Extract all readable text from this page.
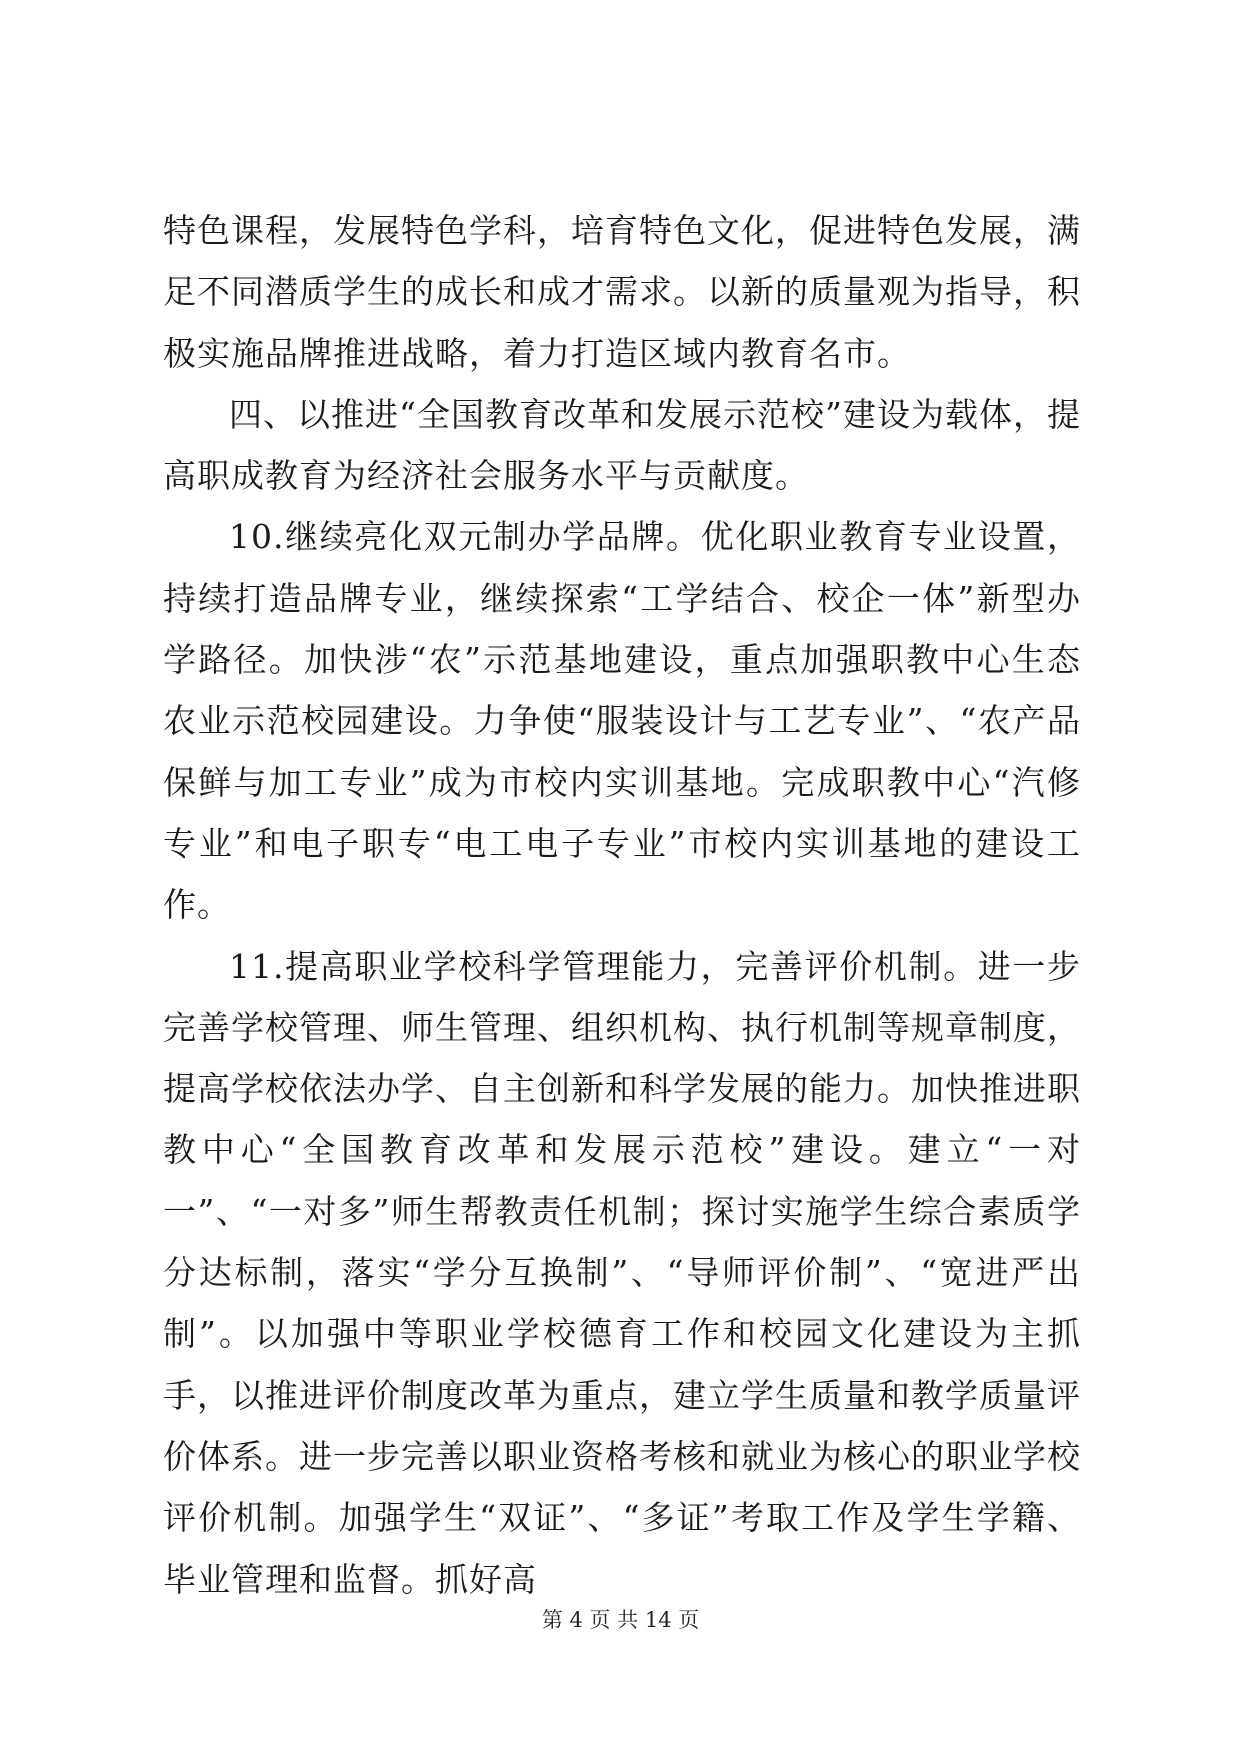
特色课程，发展特色学科，培育特色文化，促进特色发展，满足不同潜质学生的成长和成才需求。以新的质量观为指导，积极实施品牌推进战略，着力打造区域内教育名市。

四、以推进“全国教育改革和发展示范校”建设为载体，提高职成教育为经济社会服务水平与贡献度。

10.继续亮化双元制办学品牌。优化职业教育专业设置，持续打造品牌专业，继续探索“工学结合、校企一体”新型办学路径。加快涉“农”示范基地建设，重点加强职教中心生态农业示范校园建设。力争使“服装设计与工艺专业”、“农产品保鲜与加工专业”成为市校内实训基地。完成职教中心“汽修专业”和电子职专“电工电子专业”市校内实训基地的建设工作。

11.提高职业学校科学管理能力，完善评价机制。进一步完善学校管理、师生管理、组织机构、执行机制等规章制度，提高学校依法办学、自主创新和科学发展的能力。加快推进职教中心“全国教育改革和发展示范校”建设。建立“一对一”、“一对多”师生帮教责任机制；探讨实施学生综合素质学分达标制，落实“学分互换制”、“导师评价制”、“宽进严出制”。以加强中等职业学校德育工作和校园文化建设为主抓手，以推进评价制度改革为重点，建立学生质量和教学质量评价体系。进一步完善以职业资格考核和就业为核心的职业学校评价机制。加强学生“双证”、“多证”考取工作及学生学籍、毕业管理和监督。抓好高

第 4 页 共 14 页
